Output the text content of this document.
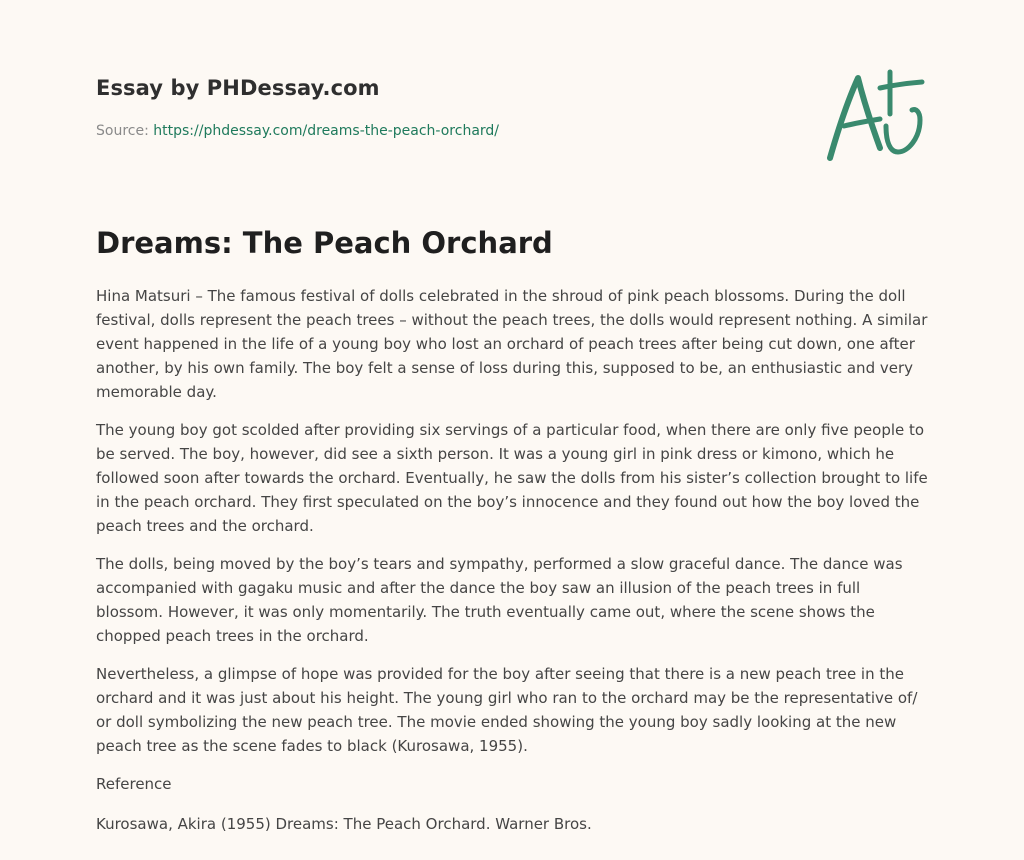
Essay by PHDessay.com
Source: https://phdessay.com/dreams-the-peach-orchard/
Dreams: The Peach Orchard

Hina Matsuri – The famous festival of dolls celebrated in the shroud of pink peach blossoms. During the doll festival, dolls represent the peach trees – without the peach trees, the dolls would represent nothing. A similar event happened in the life of a young boy who lost an orchard of peach trees after being cut down, one after another, by his own family. The boy felt a sense of loss during this, supposed to be, an enthusiastic and very memorable day.

The young boy got scolded after providing six servings of a particular food, when there are only five people to be served. The boy, however, did see a sixth person. It was a young girl in pink dress or kimono, which he followed soon after towards the orchard. Eventually, he saw the dolls from his sister’s collection brought to life in the peach orchard. They first speculated on the boy’s innocence and they found out how the boy loved the peach trees and the orchard.

The dolls, being moved by the boy’s tears and sympathy, performed a slow graceful dance. The dance was accompanied with gagaku music and after the dance the boy saw an illusion of the peach trees in full blossom. However, it was only momentarily. The truth eventually came out, where the scene shows the chopped peach trees in the orchard.

Nevertheless, a glimpse of hope was provided for the boy after seeing that there is a new peach tree in the orchard and it was just about his height. The young girl who ran to the orchard may be the representative of/ or doll symbolizing the new peach tree. The movie ended showing the young boy sadly looking at the new peach tree as the scene fades to black (Kurosawa, 1955).

Reference

Kurosawa, Akira (1955) Dreams: The Peach Orchard. Warner Bros.
